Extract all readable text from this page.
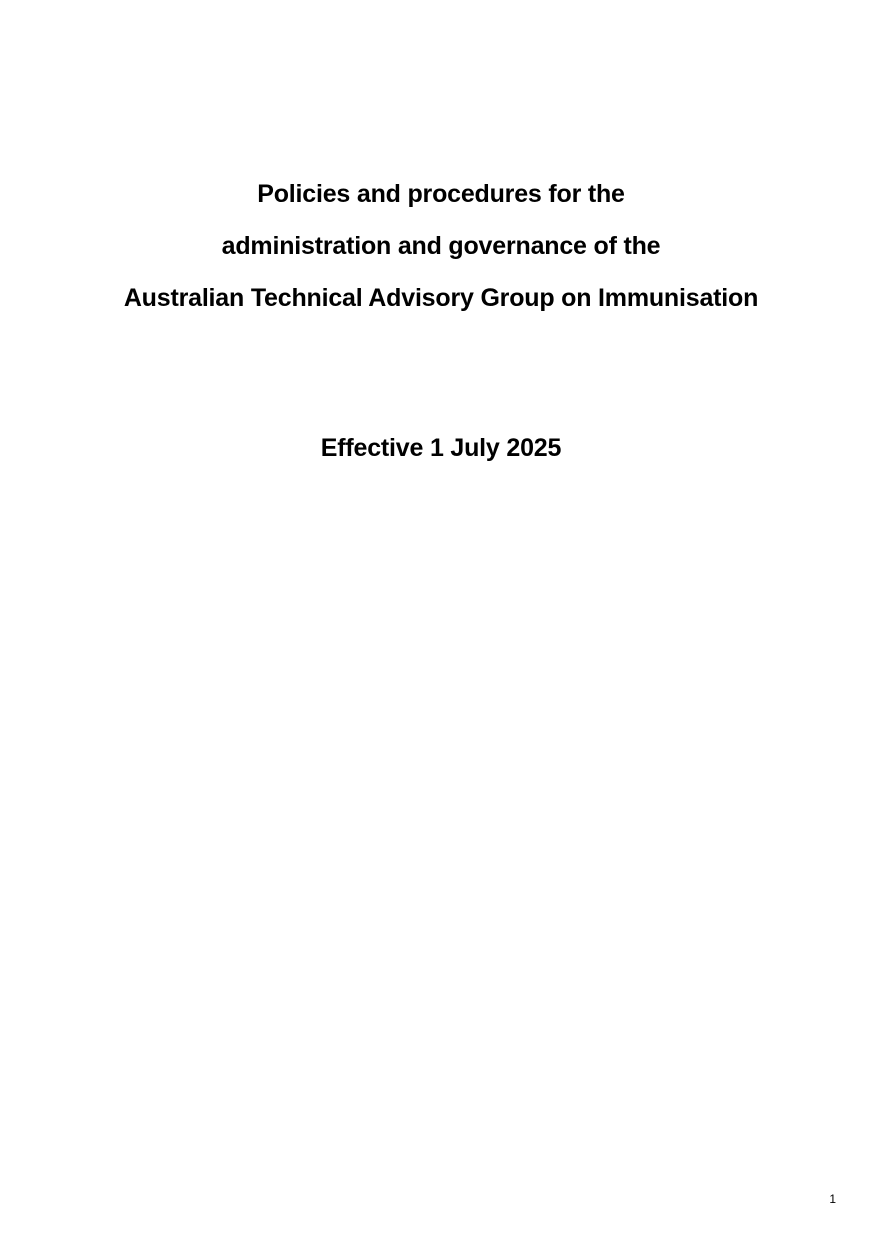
Policies and procedures for the
administration and governance of the
Australian Technical Advisory Group on Immunisation
Effective 1 July 2025
1
